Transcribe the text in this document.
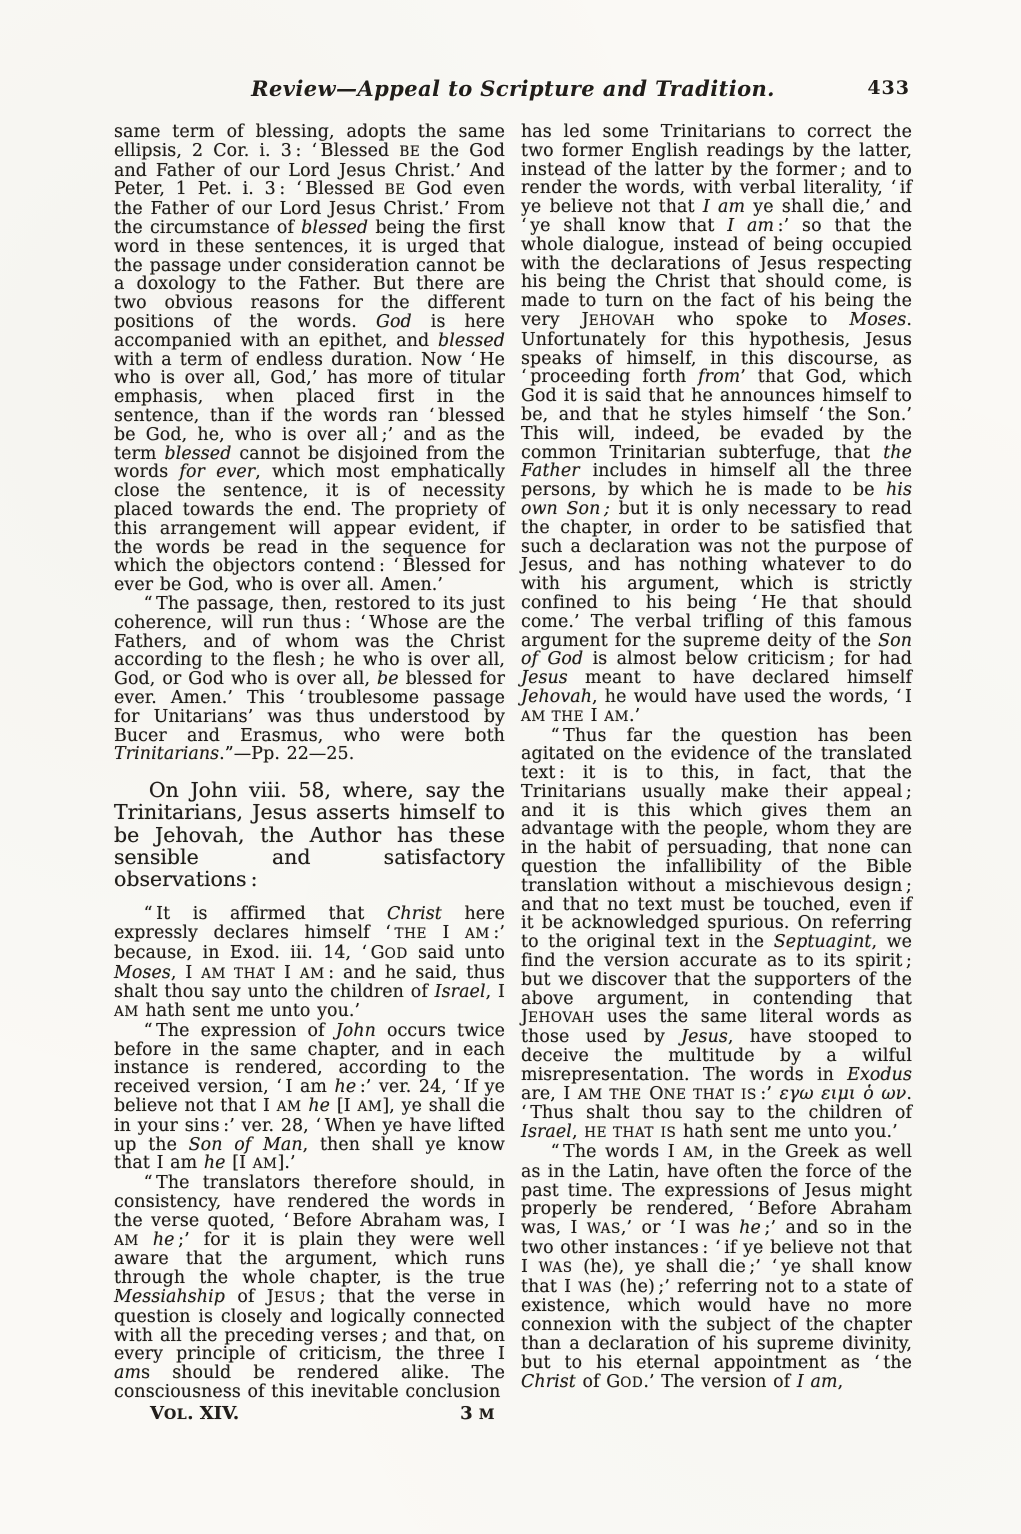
Review—Appeal to Scripture and Tradition.	433

same term of blessing, adopts the same ellipsis, 2 Cor. i. 3 : ‘ Blessed BE the God and Father of our Lord Jesus Christ.’ And Peter, 1 Pet. i. 3 : ‘ Blessed BE God even the Father of our Lord Jesus Christ.’ From the circumstance of blessed being the first word in these sentences, it is urged that the passage under consideration cannot be a doxology to the Father. But there are two obvious reasons for the different positions of the words. God is here accompanied with an epithet, and blessed with a term of endless duration. Now ‘ He who is over all, God,’ has more of titular emphasis, when placed first in the sentence, than if the words ran ‘ blessed be God, he, who is over all ;’ and as the term blessed cannot be disjoined from the words for ever, which most emphatically close the sentence, it is of necessity placed towards the end. The propriety of this arrangement will appear evident, if the words be read in the sequence for which the objectors contend : ‘ Blessed for ever be God, who is over all. Amen.’

“ The passage, then, restored to its just coherence, will run thus : ‘ Whose are the Fathers, and of whom was the Christ according to the flesh ; he who is over all, God, or God who is over all, be blessed for ever. Amen.’ This ‘ troublesome passage for Unitarians’ was thus understood by Bucer and Erasmus, who were both Trinitarians.”—Pp. 22—25.

On John viii. 58, where, say the Trinitarians, Jesus asserts himself to be Jehovah, the Author has these sensible and satisfactory observations :

“ It is affirmed that Christ here expressly declares himself ‘ THE I AM :’ because, in Exod. iii. 14, ‘ GOD said unto Moses, I AM THAT I AM : and he said, thus shalt thou say unto the children of Israel, I AM hath sent me unto you.’

“ The expression of John occurs twice before in the same chapter, and in each instance is rendered, according to the received version, ‘ I am he :’ ver. 24, ‘ If ye believe not that I AM he [I AM], ye shall die in your sins :’ ver. 28, ‘ When ye have lifted up the Son of Man, then shall ye know that I am he [I AM].’

“ The translators therefore should, in consistency, have rendered the words in the verse quoted, ‘ Before Abraham was, I AM he ;’ for it is plain they were well aware that the argument, which runs through the whole chapter, is the true Messiahship of JESUS ; that the verse in question is closely and logically connected with all the preceding verses ; and that, on every principle of criticism, the three I ams should be rendered alike. The consciousness of this inevitable conclusion

VOL. XIV.	3 M

has led some Trinitarians to correct the two former English readings by the latter, instead of the latter by the former ; and to render the words, with verbal literality, ‘ if ye believe not that I am ye shall die,’ and ‘ ye shall know that I am :’ so that the whole dialogue, instead of being occupied with the declarations of Jesus respecting his being the Christ that should come, is made to turn on the fact of his being the very JEHOVAH who spoke to Moses. Unfortunately for this hypothesis, Jesus speaks of himself, in this discourse, as ‘ proceeding forth from’ that God, which God it is said that he announces himself to be, and that he styles himself ‘ the Son.’ This will, indeed, be evaded by the common Trinitarian subterfuge, that the Father includes in himself all the three persons, by which he is made to be his own Son ; but it is only necessary to read the chapter, in order to be satisfied that such a declaration was not the purpose of Jesus, and has nothing whatever to do with his argument, which is strictly confined to his being ‘ He that should come.’ The verbal trifling of this famous argument for the supreme deity of the Son of God is almost below criticism ; for had Jesus meant to have declared himself Jehovah, he would have used the words, ‘ I AM THE I AM.’

“ Thus far the question has been agitated on the evidence of the translated text : it is to this, in fact, that the Trinitarians usually make their appeal ; and it is this which gives them an advantage with the people, whom they are in the habit of persuading, that none can question the infallibility of the Bible translation without a mischievous design ; and that no text must be touched, even if it be acknowledged spurious. On referring to the original text in the Septuagint, we find the version accurate as to its spirit ; but we discover that the supporters of the above argument, in contending that JEHOVAH uses the same literal words as those used by Jesus, have stooped to deceive the multitude by a wilful misrepresentation. The words in Exodus are, I AM THE ONE THAT IS :’ εγω ειμι ὁ ων. ‘ Thus shalt thou say to the children of Israel, HE THAT IS hath sent me unto you.’

“ The words I AM, in the Greek as well as in the Latin, have often the force of the past time. The expressions of Jesus might properly be rendered, ‘ Before Abraham was, I WAS,’ or ‘ I was he ;’ and so in the two other instances : ‘ if ye believe not that I WAS (he), ye shall die ;’ ‘ ye shall know that I WAS (he) ;’ referring not to a state of existence, which would have no more connexion with the subject of the chapter than a declaration of his supreme divinity, but to his eternal appointment as ‘ the Christ of GOD.’ The version of I am,
